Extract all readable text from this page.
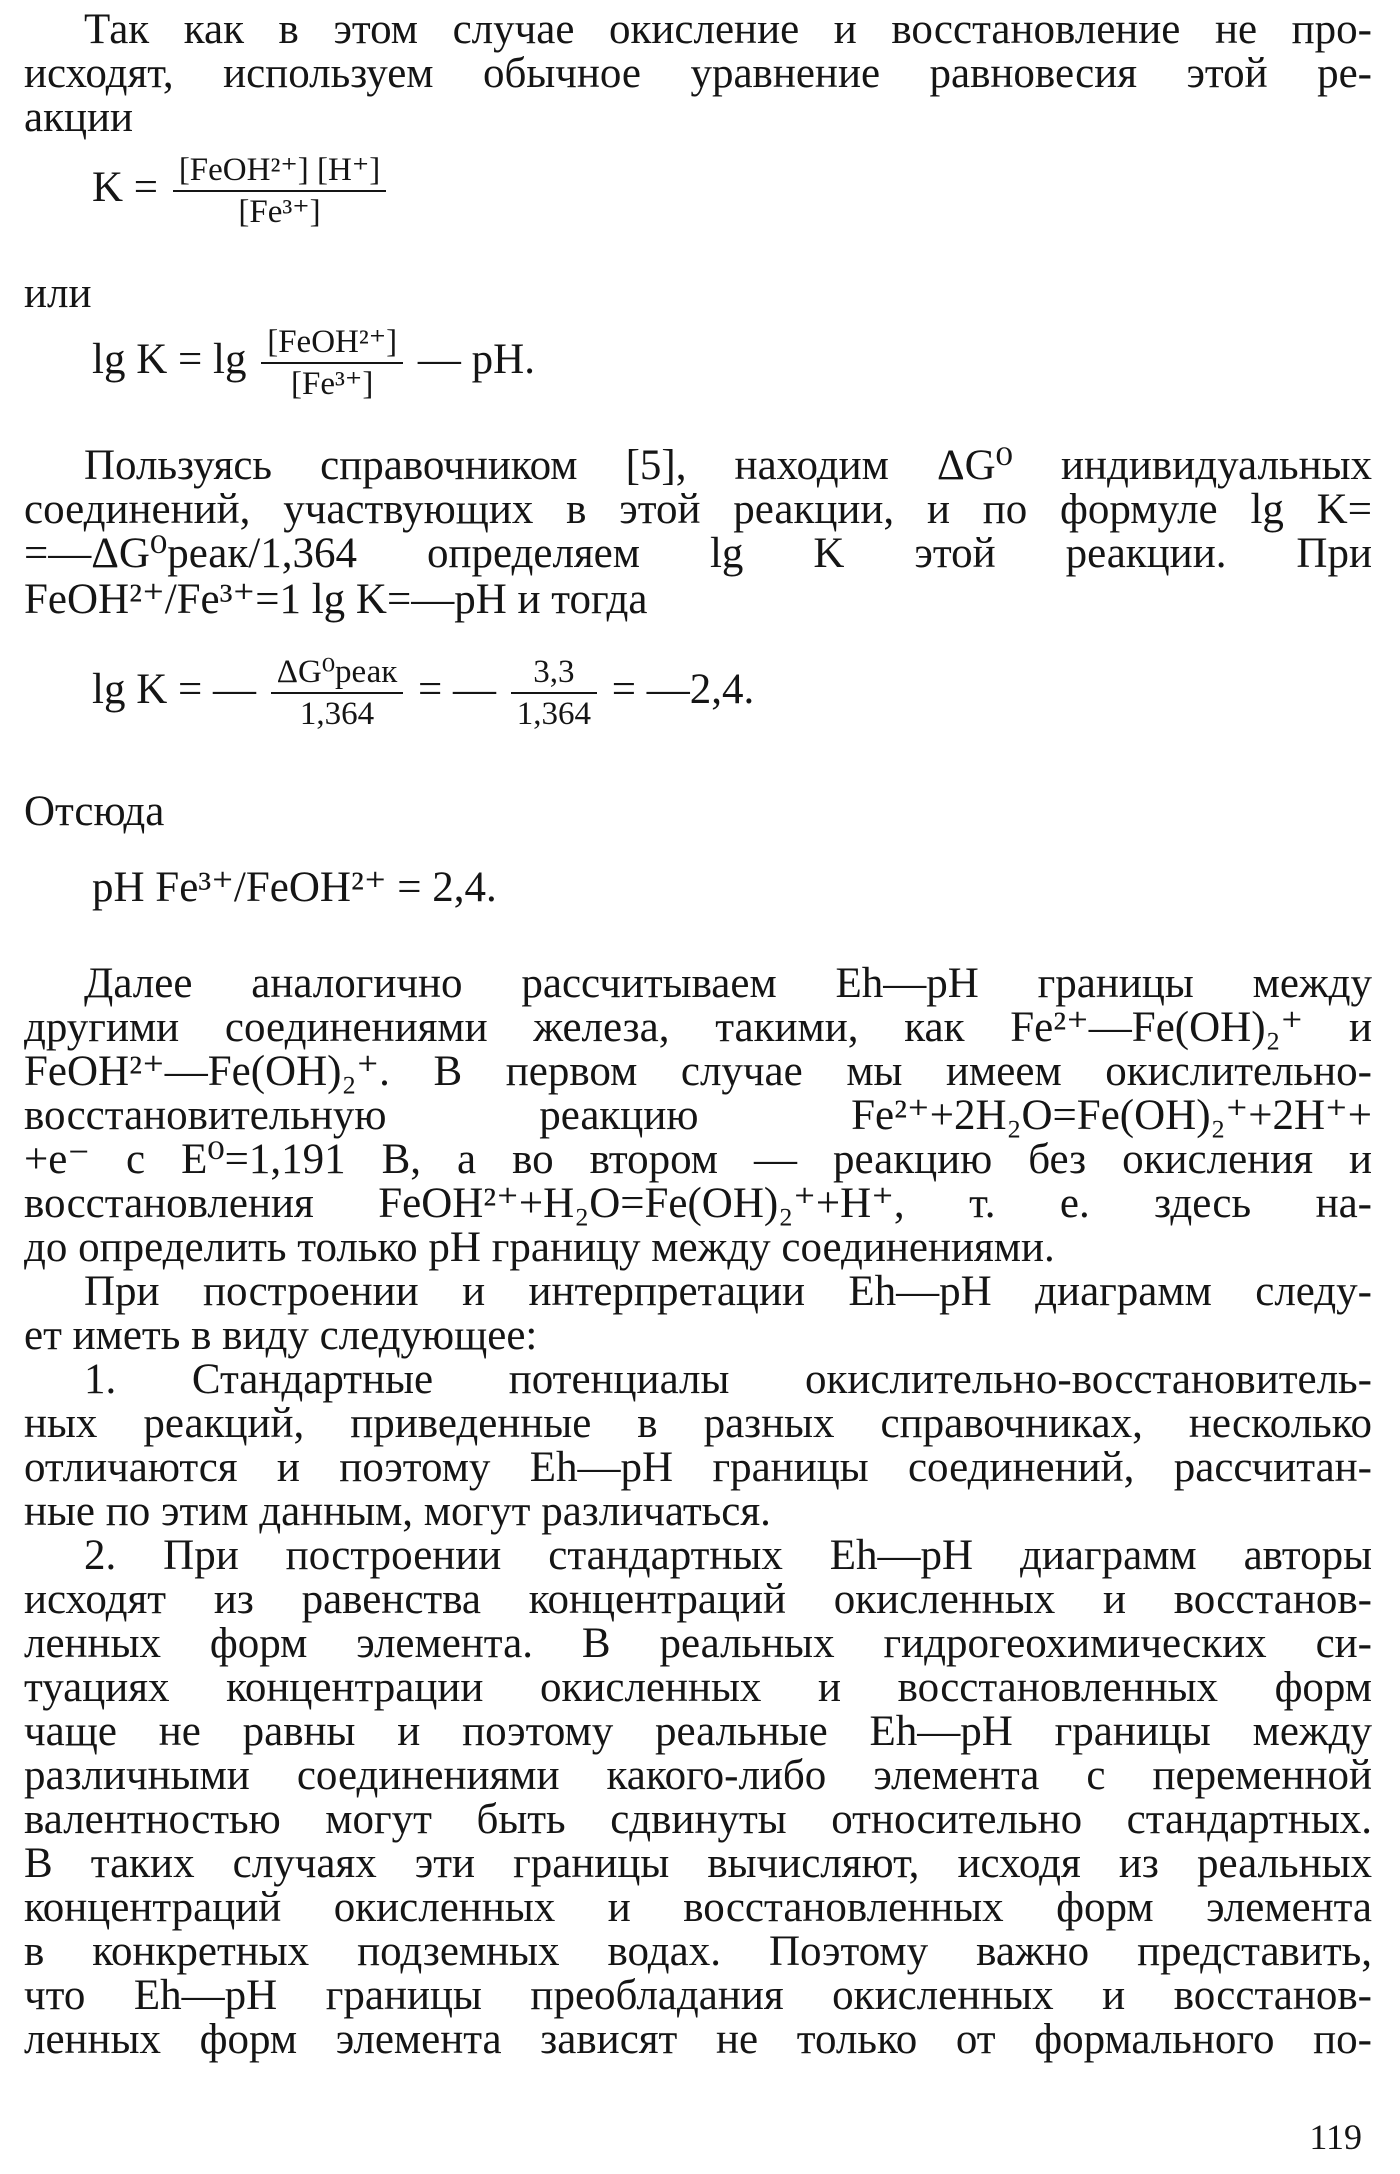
Так как в этом случае окисление и восстановление не про-

исходят, используем обычное уравнение равновесия этой ре-

акции

$K = \frac{\text{[FeOH²⁺] [H⁺]}}{\text{[Fe³⁺]}}$

или

$\lg K = \lg \frac{\text{[FeOH²⁺]}}{\text{[Fe³⁺]}}$ — pH.

Пользуясь справочником [5], находим ΔG⁰ индивидуальных

соединений, участвующих в этой реакции, и по формуле lg K=

=—ΔG⁰реак/1,364 определяем lg K этой реакции. При

FeOH²⁺/Fe³⁺=1 lg K=—pH и тогда

lg K = — $\frac{\text{ΔG⁰реак}}{1,364}$ = — $\frac{3,3}{1,364}$ = —2,4.

Отсюда

pH Fe³⁺/FeOH²⁺ = 2,4.

Далее аналогично рассчитываем Eh—pH границы между

другими соединениями железа, такими, как Fe²⁺—Fe(OH)₂⁺ и

FeOH²⁺—Fe(OH)₂⁺. В первом случае мы имеем окислительно-

восстановительную реакцию Fe²⁺+2H₂O=Fe(OH)₂⁺+2H⁺+

+e⁻ с E⁰=1,191 В, а во втором — реакцию без окисления и

восстановления FeOH²⁺+H₂O=Fe(OH)₂⁺+H⁺, т. е. здесь на-

до определить только pH границу между соединениями.

При построении и интерпретации Eh—pH диаграмм следу-

ет иметь в виду следующее:

1. Стандартные потенциалы окислительно-восстановитель-

ных реакций, приведенные в разных справочниках, несколько

отличаются и поэтому Eh—pH границы соединений, рассчитан-

ные по этим данным, могут различаться.

2. При построении стандартных Eh—pH диаграмм авторы

исходят из равенства концентраций окисленных и восстанов-

ленных форм элемента. В реальных гидрогеохимических си-

туациях концентрации окисленных и восстановленных форм

чаще не равны и поэтому реальные Eh—pH границы между

различными соединениями какого-либо элемента с переменной

валентностью могут быть сдвинуты относительно стандартных.

В таких случаях эти границы вычисляют, исходя из реальных

концентраций окисленных и восстановленных форм элемента

в конкретных подземных водах. Поэтому важно представить,

что Eh—pH границы преобладания окисленных и восстанов-

ленных форм элемента зависят не только от формального по-

119
